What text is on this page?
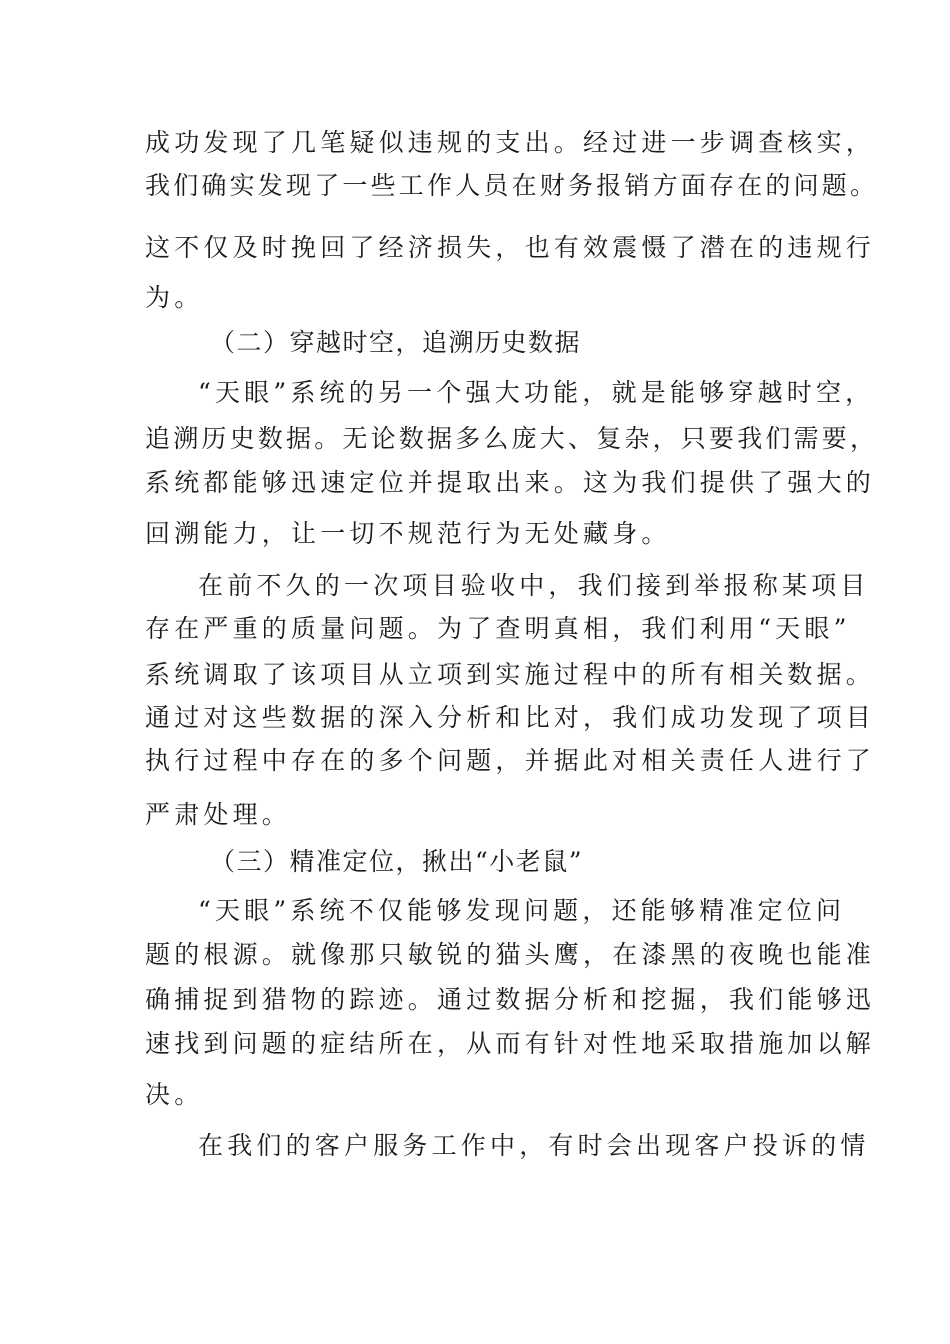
成功发现了几笔疑似违规的支出。经过进一步调查核实，
我们确实发现了一些工作人员在财务报销方面存在的问题。
这不仅及时挽回了经济损失，也有效震慑了潜在的违规行
为。
（二）穿越时空，追溯历史数据
“天眼”系统的另一个强大功能，就是能够穿越时空，
追溯历史数据。无论数据多么庞大、复杂，只要我们需要，
系统都能够迅速定位并提取出来。这为我们提供了强大的
回溯能力，让一切不规范行为无处藏身。
在前不久的一次项目验收中，我们接到举报称某项目
存在严重的质量问题。为了查明真相，我们利用“天眼”
系统调取了该项目从立项到实施过程中的所有相关数据。
通过对这些数据的深入分析和比对，我们成功发现了项目
执行过程中存在的多个问题，并据此对相关责任人进行了
严肃处理。
（三）精准定位，揪出“小老鼠”
“天眼”系统不仅能够发现问题，还能够精准定位问
题的根源。就像那只敏锐的猫头鹰，在漆黑的夜晚也能准
确捕捉到猎物的踪迹。通过数据分析和挖掘，我们能够迅
速找到问题的症结所在，从而有针对性地采取措施加以解
决。
在我们的客户服务工作中，有时会出现客户投诉的情
